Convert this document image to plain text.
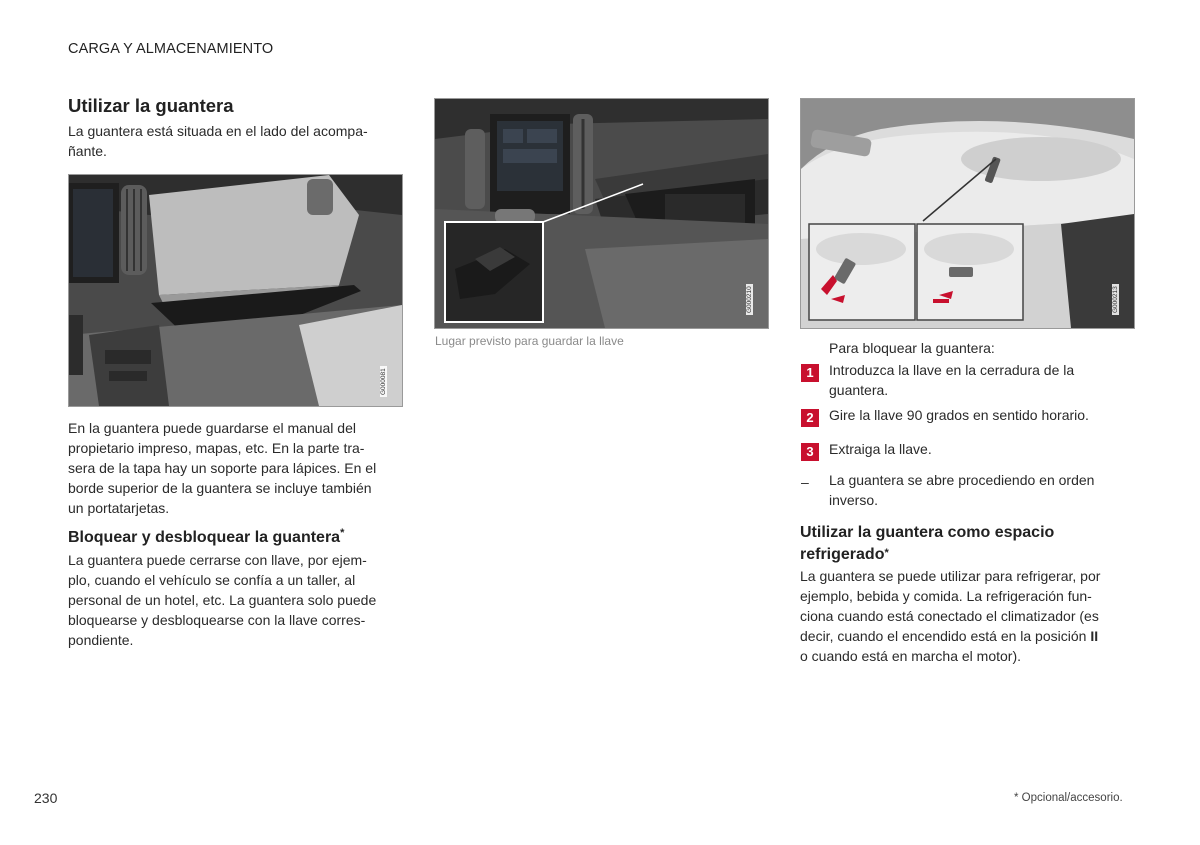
CARGA Y ALMACENAMIENTO
Utilizar la guantera
La guantera está situada en el lado del acompa-
ñante.
G000081
En la guantera puede guardarse el manual del
propietario impreso, mapas, etc. En la parte tra-
sera de la tapa hay un soporte para lápices. En el
borde superior de la guantera se incluye también
un portatarjetas.
Bloquear y desbloquear la guantera*
La guantera puede cerrarse con llave, por ejem-
plo, cuando el vehículo se confía a un taller, al
personal de un hotel, etc. La guantera solo puede
bloquearse y desbloquearse con la llave corres-
pondiente.
G000210
Lugar previsto para guardar la llave
G000213
Para bloquear la guantera:
1	Introduzca la llave en la cerradura de la
guantera.
2	Gire la llave 90 grados en sentido horario.
3	Extraiga la llave.
– La guantera se abre procediendo en orden
inverso.
Utilizar la guantera como espacio
refrigerado*
La guantera se puede utilizar para refrigerar, por
ejemplo, bebida y comida. La refrigeración fun-
ciona cuando está conectado el climatizador (es
decir, cuando el encendido está en la posición II
o cuando está en marcha el motor).
230	* Opcional/accesorio.
